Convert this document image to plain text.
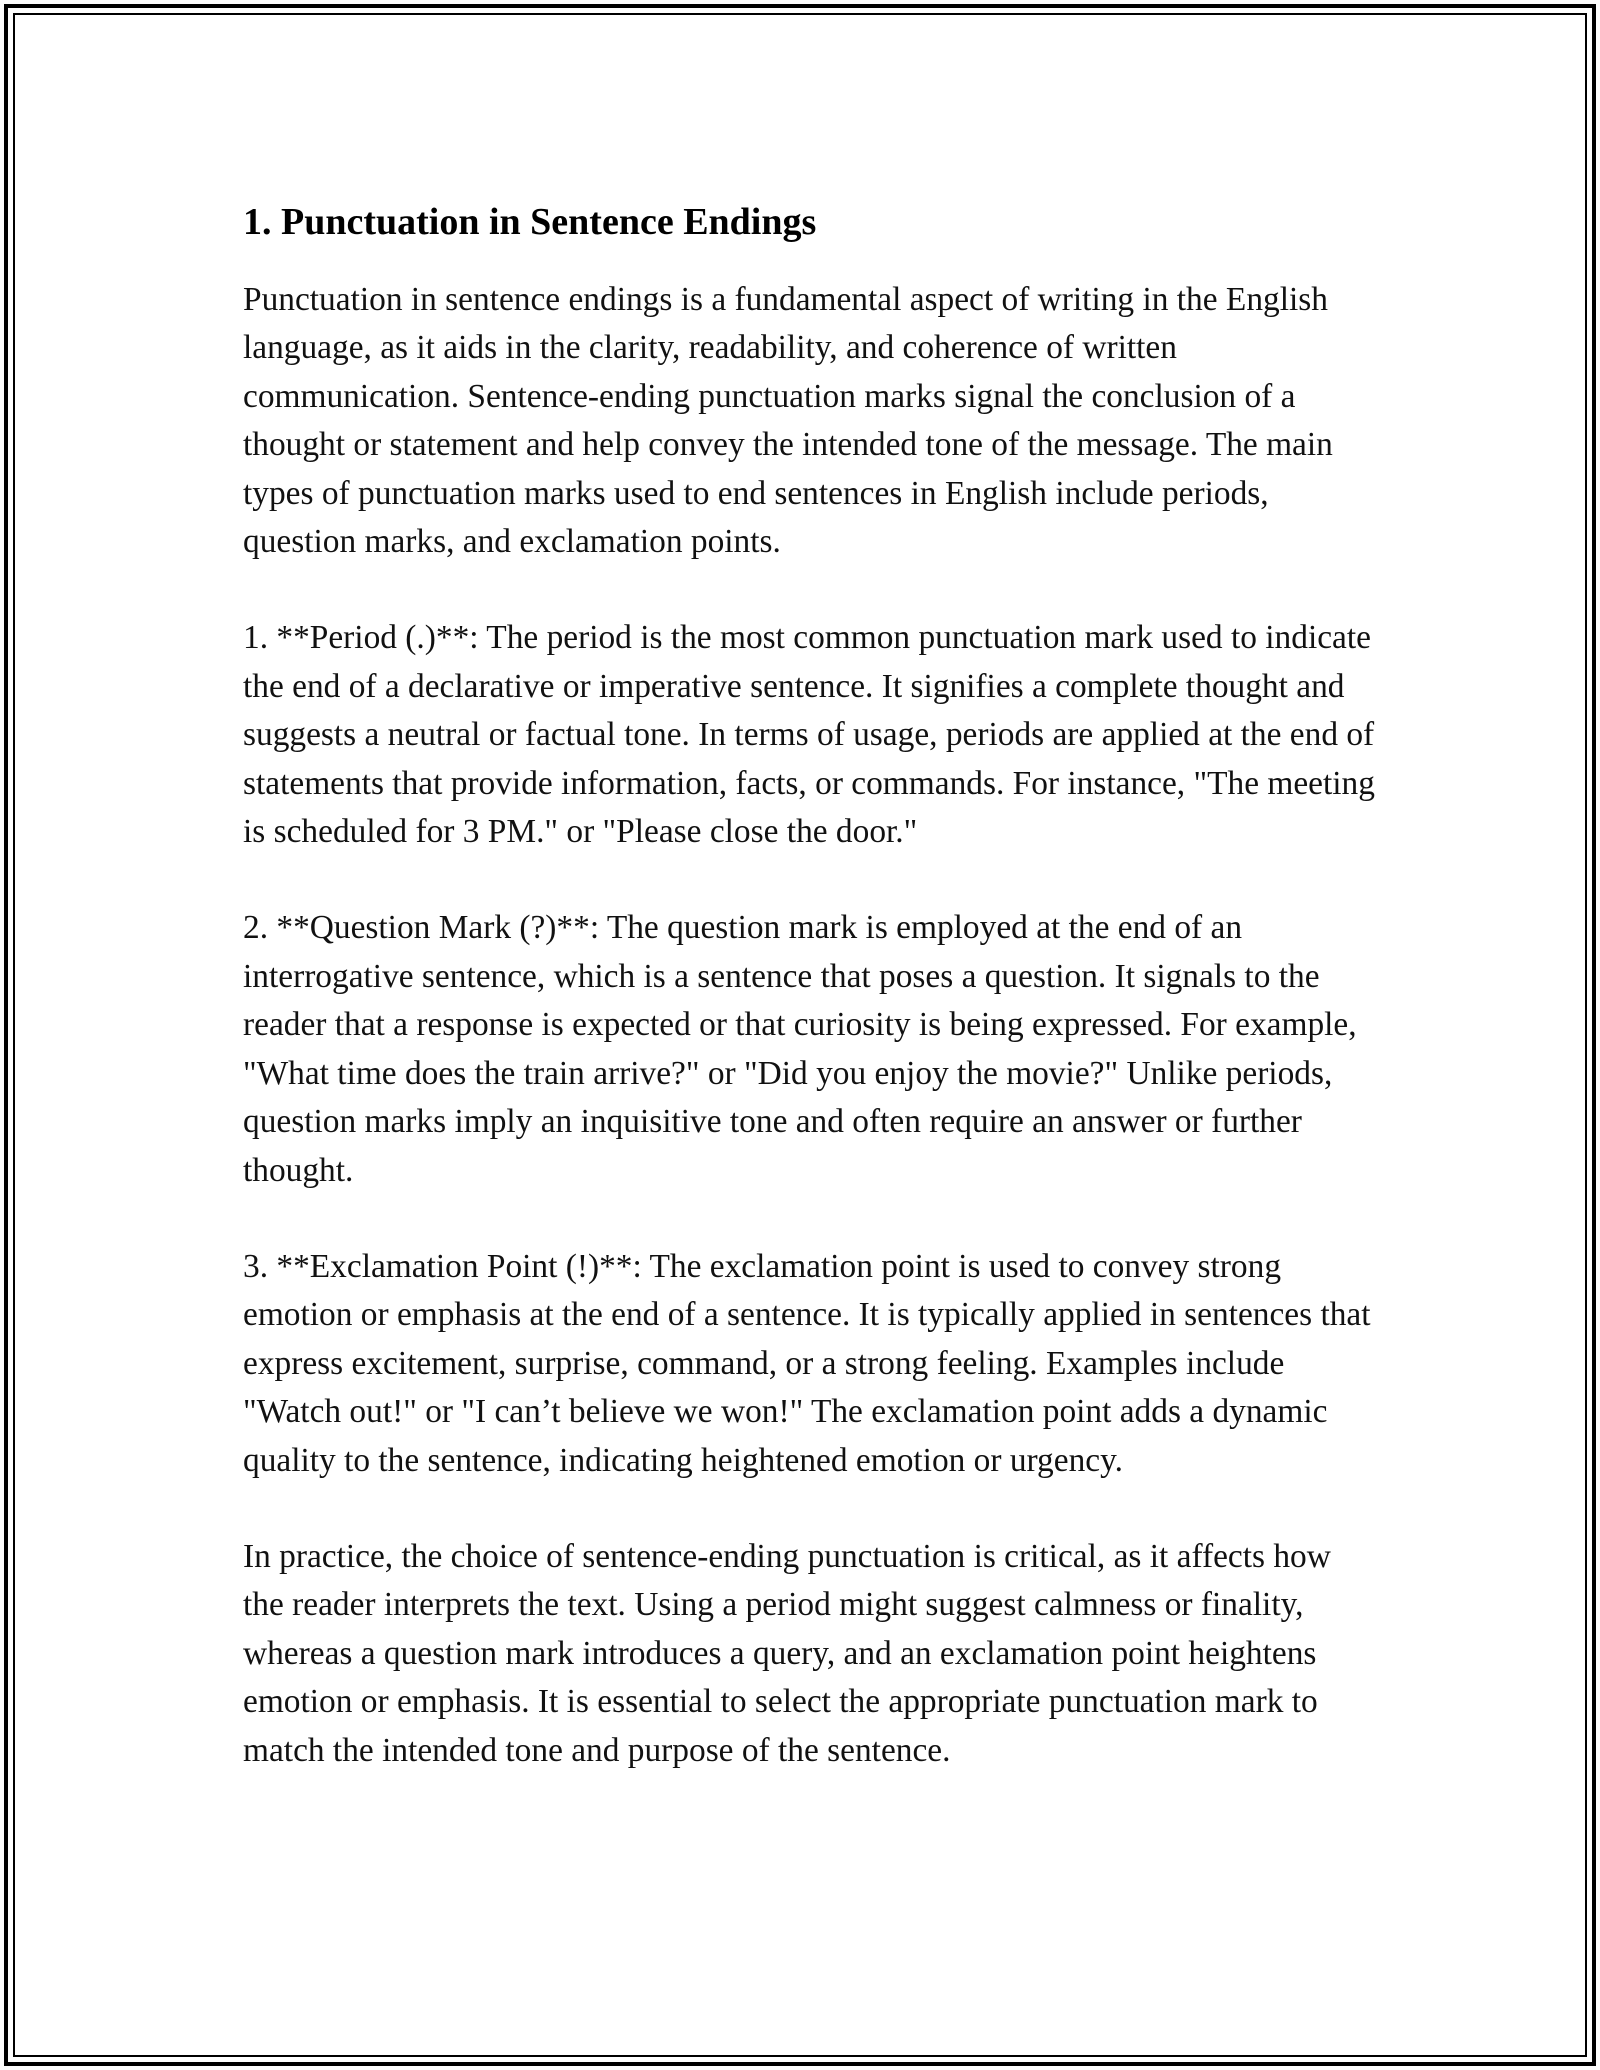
1. Punctuation in Sentence Endings

Punctuation in sentence endings is a fundamental aspect of writing in the English language, as it aids in the clarity, readability, and coherence of written communication. Sentence-ending punctuation marks signal the conclusion of a thought or statement and help convey the intended tone of the message. The main types of punctuation marks used to end sentences in English include periods, question marks, and exclamation points.

1. **Period (.)**: The period is the most common punctuation mark used to indicate the end of a declarative or imperative sentence. It signifies a complete thought and suggests a neutral or factual tone. In terms of usage, periods are applied at the end of statements that provide information, facts, or commands. For instance, "The meeting is scheduled for 3 PM." or "Please close the door."

2. **Question Mark (?)**: The question mark is employed at the end of an interrogative sentence, which is a sentence that poses a question. It signals to the reader that a response is expected or that curiosity is being expressed. For example, "What time does the train arrive?" or "Did you enjoy the movie?" Unlike periods, question marks imply an inquisitive tone and often require an answer or further thought.

3. **Exclamation Point (!)**: The exclamation point is used to convey strong emotion or emphasis at the end of a sentence. It is typically applied in sentences that express excitement, surprise, command, or a strong feeling. Examples include "Watch out!" or "I can’t believe we won!" The exclamation point adds a dynamic quality to the sentence, indicating heightened emotion or urgency.

In practice, the choice of sentence-ending punctuation is critical, as it affects how the reader interprets the text. Using a period might suggest calmness or finality, whereas a question mark introduces a query, and an exclamation point heightens emotion or emphasis. It is essential to select the appropriate punctuation mark to match the intended tone and purpose of the sentence.
